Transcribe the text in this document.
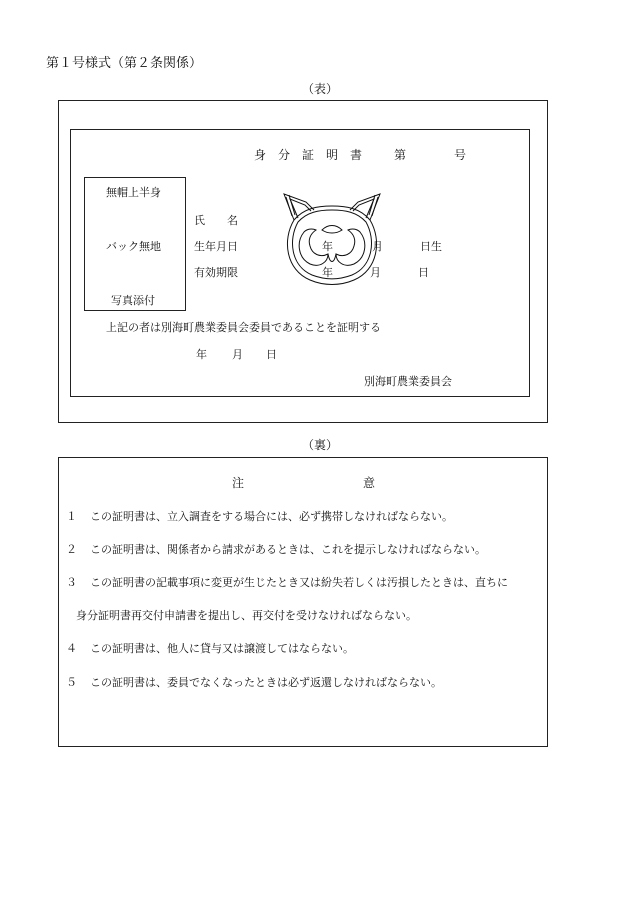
第１号様式（第２条関係）
（表）
身　分　証　明　書	第	号
無帽上半身
バック無地
写真添付
氏　　名
生年月日	年	月	日生
有効期限	年	月	日
上記の者は別海町農業委員会委員であることを証明する
年 月 日
別海町農業委員会
（裏）
注	意
１ この証明書は、立入調査をする場合には、必ず携帯しなければならない。
２ この証明書は、関係者から請求があるときは、これを提示しなければならない。
３ この証明書の記載事項に変更が生じたとき又は紛失若しくは汚損したときは、直ちに
身分証明書再交付申請書を提出し、再交付を受けなければならない。
４ この証明書は、他人に貸与又は譲渡してはならない。
５ この証明書は、委員でなくなったときは必ず返還しなければならない。
